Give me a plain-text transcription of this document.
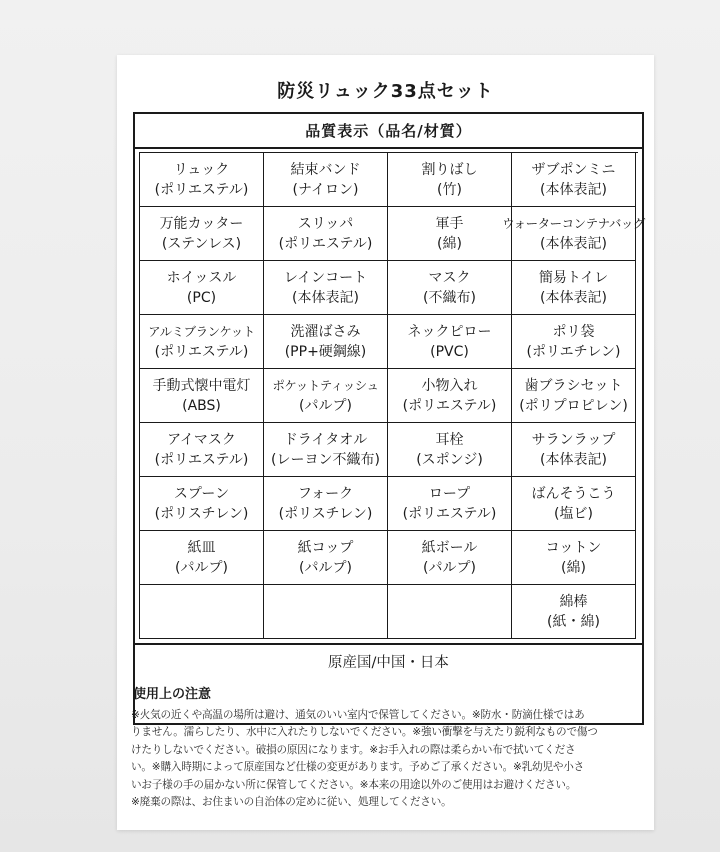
防災リュック33点セット
品質表示（品名/材質）
リュック
(ポリエステル)
結束バンド
(ナイロン)
割りばし
(竹)
ザブポンミニ
(本体表記)
万能カッター
(ステンレス)
スリッパ
(ポリエステル)
軍手
(綿)
ウォーターコンテナバッグ
(本体表記)
ホイッスル
(PC)
レインコート
(本体表記)
マスク
(不織布)
簡易トイレ
(本体表記)
アルミブランケット
(ポリエステル)
洗濯ばさみ
(PP+硬鋼線)
ネックピロー
(PVC)
ポリ袋
(ポリエチレン)
手動式懐中電灯
(ABS)
ポケットティッシュ
(パルプ)
小物入れ
(ポリエステル)
歯ブラシセット
(ポリプロピレン)
アイマスク
(ポリエステル)
ドライタオル
(レーヨン不織布)
耳栓
(スポンジ)
サランラップ
(本体表記)
スプーン
(ポリスチレン)
フォーク
(ポリスチレン)
ロープ
(ポリエステル)
ばんそうこう
(塩ビ)
紙皿
(パルプ)
紙コップ
(パルプ)
紙ボール
(パルプ)
コットン
(綿)
綿棒
(紙・綿)
原産国/中国・日本
使用上の注意

※火気の近くや高温の場所は避け、通気のいい室内で保管してください。※防水・防滴仕様ではあ

りません。濡らしたり、水中に入れたりしないでください。※強い衝撃を与えたり鋭利なもので傷つ

けたりしないでください。破損の原因になります。※お手入れの際は柔らかい布で拭いてくださ

い。※購入時期によって原産国など仕様の変更があります。予めご了承ください。※乳幼児や小さ

いお子様の手の届かない所に保管してください。※本来の用途以外のご使用はお避けください。

※廃棄の際は、お住まいの自治体の定めに従い、処理してください。
